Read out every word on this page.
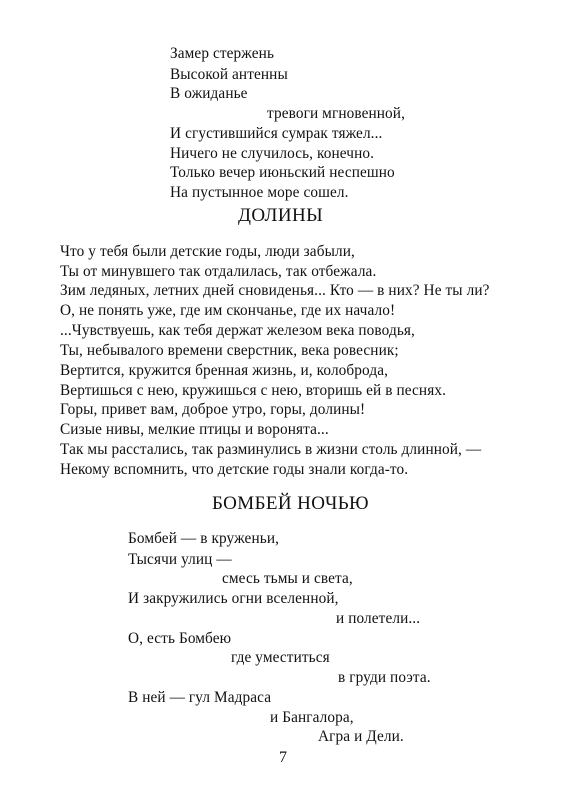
Замер стержень
Высокой антенны
В ожиданье
тревоги мгновенной,
И сгустившийся сумрак тяжел...
Ничего не случилось, конечно.
Только вечер июньский неспешно
На пустынное море сошел.
ДОЛИНЫ
Что у тебя были детские годы, люди забыли,
Ты от минувшего так отдалилась, так отбежала.
Зим ледяных, летних дней сновиденья... Кто — в них? Не ты ли?
О, не понять уже, где им скончанье, где их начало!
...Чувствуешь, как тебя держат железом века поводья,
Ты, небывалого времени сверстник, века ровесник;
Вертится, кружится бренная жизнь, и, колоброда,
Вертишься с нею, кружишься с нею, вторишь ей в песнях.
Горы, привет вам, доброе утро, горы, долины!
Сизые нивы, мелкие птицы и воронята...
Так мы расстались, так разминулись в жизни столь длинной, —
Некому вспомнить, что детские годы знали когда-то.
БОМБЕЙ НОЧЬЮ
Бомбей — в круженьи,
Тысячи улиц —
смесь тьмы и света,
И закружились огни вселенной,
и полетели...
О, есть Бомбею
где уместиться
в груди поэта.
В ней — гул Мадраса
и Бангалора,
Агра и Дели.
7
